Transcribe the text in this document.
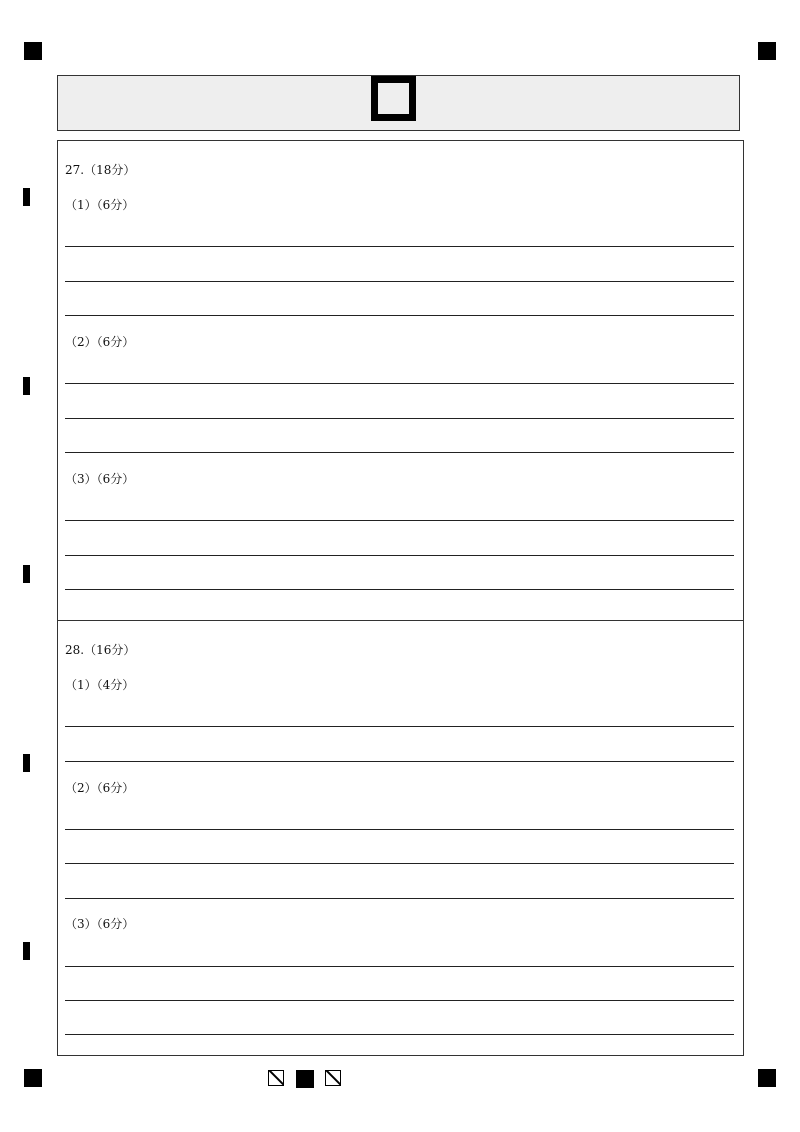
27.（18分）
（1）（6分）
（2）（6分）
（3）（6分）
28.（16分）
（1）（4分）
（2）（6分）
（3）（6分）
